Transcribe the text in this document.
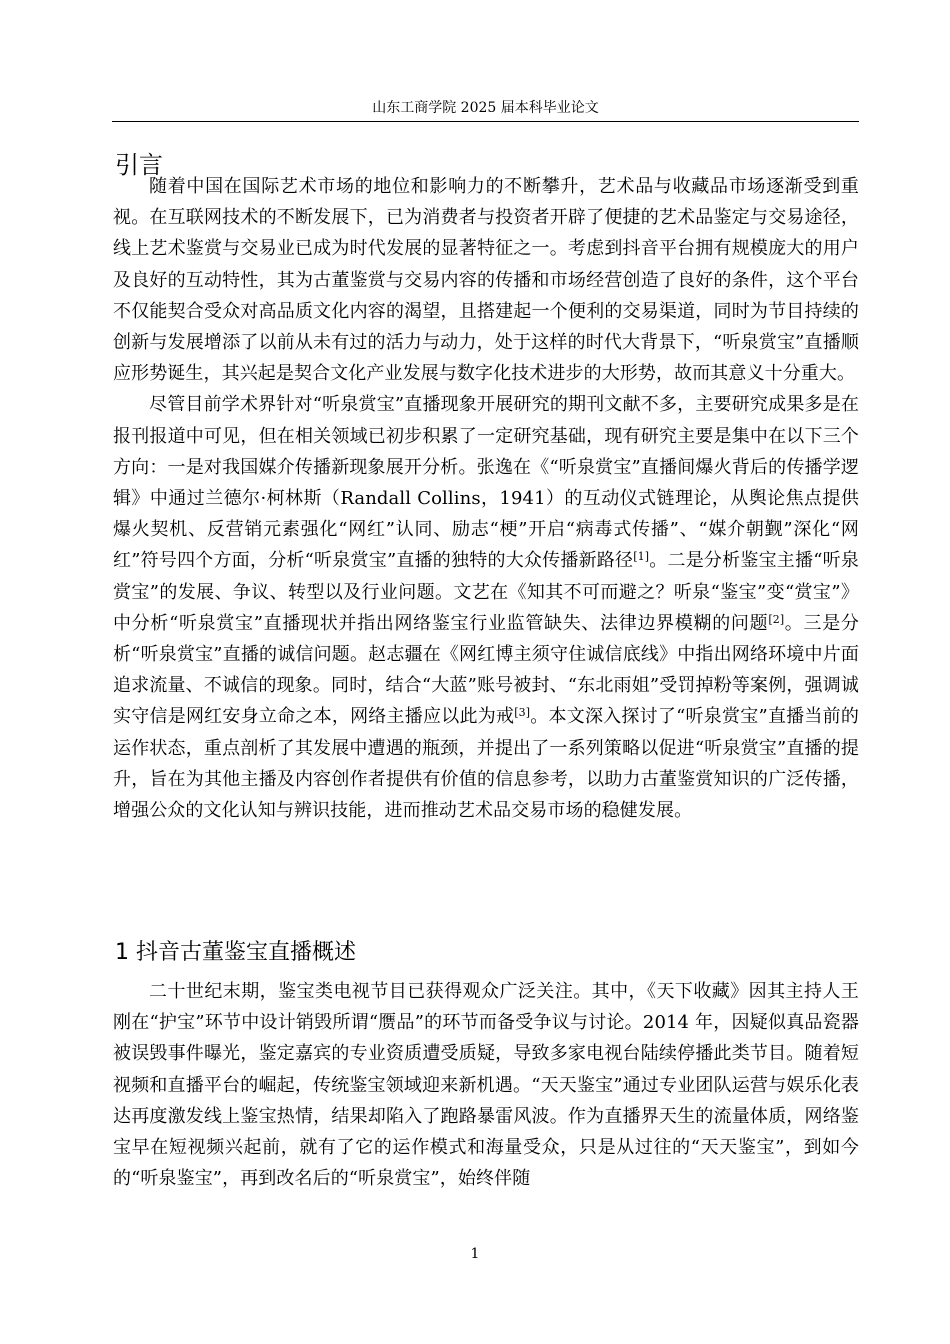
山东工商学院 2025 届本科毕业论文
引言

随着中国在国际艺术市场的地位和影响力的不断攀升，艺术品与收藏品市场逐渐受到重视。在互联网技术的不断发展下，已为消费者与投资者开辟了便捷的艺术品鉴定与交易途径，线上艺术鉴赏与交易业已成为时代发展的显著特征之一。考虑到抖音平台拥有规模庞大的用户及良好的互动特性，其为古董鉴赏与交易内容的传播和市场经营创造了良好的条件，这个平台不仅能契合受众对高品质文化内容的渴望，且搭建起一个便利的交易渠道，同时为节目持续的创新与发展增添了以前从未有过的活力与动力，处于这样的时代大背景下，“听泉赏宝”直播顺应形势诞生，其兴起是契合文化产业发展与数字化技术进步的大形势，故而其意义十分重大。

尽管目前学术界针对“听泉赏宝”直播现象开展研究的期刊文献不多，主要研究成果多是在报刊报道中可见，但在相关领域已初步积累了一定研究基础，现有研究主要是集中在以下三个方向：一是对我国媒介传播新现象展开分析。张逸在《“听泉赏宝”直播间爆火背后的传播学逻辑》中通过兰德尔·柯林斯（Randall Collins，1941）的互动仪式链理论，从舆论焦点提供爆火契机、反营销元素强化“网红”认同、励志“梗”开启“病毒式传播”、“媒介朝觐”深化“网红”符号四个方面，分析“听泉赏宝”直播的独特的大众传播新路径[1]。二是分析鉴宝主播“听泉赏宝”的发展、争议、转型以及行业问题。文艺在《知其不可而避之？听泉“鉴宝”变“赏宝”》中分析“听泉赏宝”直播现状并指出网络鉴宝行业监管缺失、法律边界模糊的问题[2]。三是分析“听泉赏宝”直播的诚信问题。赵志疆在《网红博主须守住诚信底线》中指出网络环境中片面追求流量、不诚信的现象。同时，结合“大蓝”账号被封、“东北雨姐”受罚掉粉等案例，强调诚实守信是网红安身立命之本，网络主播应以此为戒[3]。本文深入探讨了“听泉赏宝”直播当前的运作状态，重点剖析了其发展中遭遇的瓶颈，并提出了一系列策略以促进“听泉赏宝”直播的提升，旨在为其他主播及内容创作者提供有价值的信息参考，以助力古董鉴赏知识的广泛传播，增强公众的文化认知与辨识技能，进而推动艺术品交易市场的稳健发展。

1 抖音古董鉴宝直播概述

二十世纪末期，鉴宝类电视节目已获得观众广泛关注。其中，《天下收藏》因其主持人王刚在“护宝”环节中设计销毁所谓“赝品”的环节而备受争议与讨论。2014 年，因疑似真品瓷器被误毁事件曝光，鉴定嘉宾的专业资质遭受质疑，导致多家电视台陆续停播此类节目。随着短视频和直播平台的崛起，传统鉴宝领域迎来新机遇。“天天鉴宝”通过专业团队运营与娱乐化表达再度激发线上鉴宝热情，结果却陷入了跑路暴雷风波。作为直播界天生的流量体质，网络鉴宝早在短视频兴起前，就有了它的运作模式和海量受众，只是从过往的“天天鉴宝”，到如今的“听泉鉴宝”，再到改名后的“听泉赏宝”，始终伴随

1
